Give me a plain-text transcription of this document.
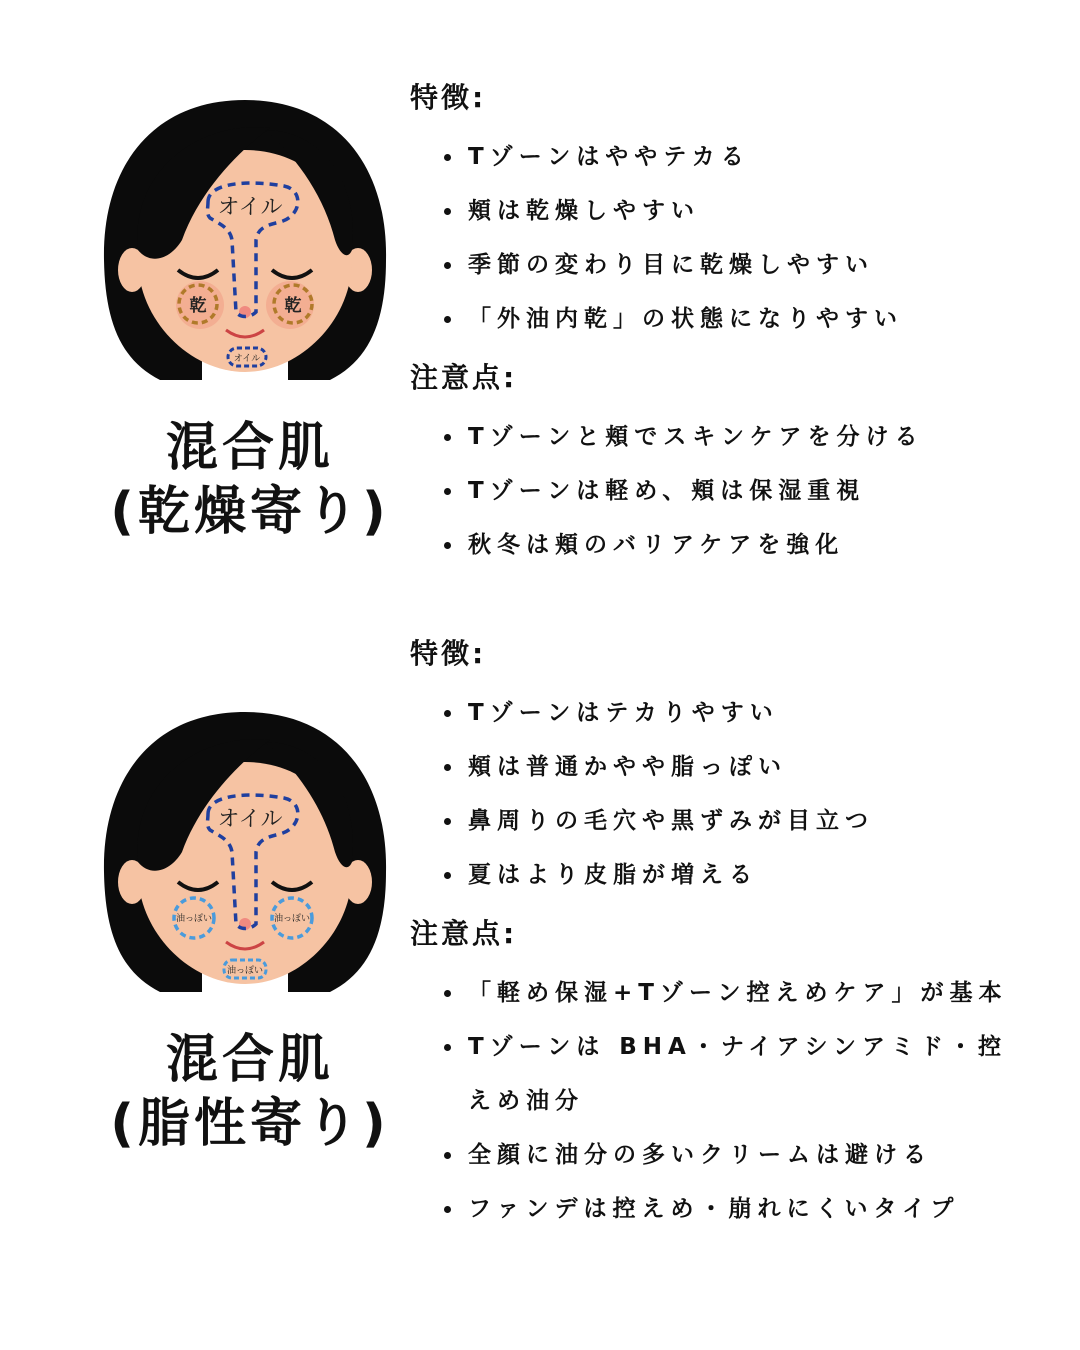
オイル
乾	乾
オイル
混合肌
(乾燥寄り)

特徴:

Tゾーンはややテカる
頬は乾燥しやすい
季節の変わり目に乾燥しやすい
「外油内乾」の状態になりやすい

注意点:

Tゾーンと頬でスキンケアを分ける
Tゾーンは軽め、頬は保湿重視
秋冬は頬のバリアケアを強化
オイル
油っぽい	油っぽい
油っぽい
混合肌
(脂性寄り)

特徴:

Tゾーンはテカりやすい
頬は普通かやや脂っぽい
鼻周りの毛穴や黒ずみが目立つ
夏はより皮脂が増える

注意点:

「軽め保湿+Tゾーン控えめケア」が基本
Tゾーンは BHA・ナイアシンアミド・控えめ油分
全顔に油分の多いクリームは避ける
ファンデは控えめ・崩れにくいタイプ
